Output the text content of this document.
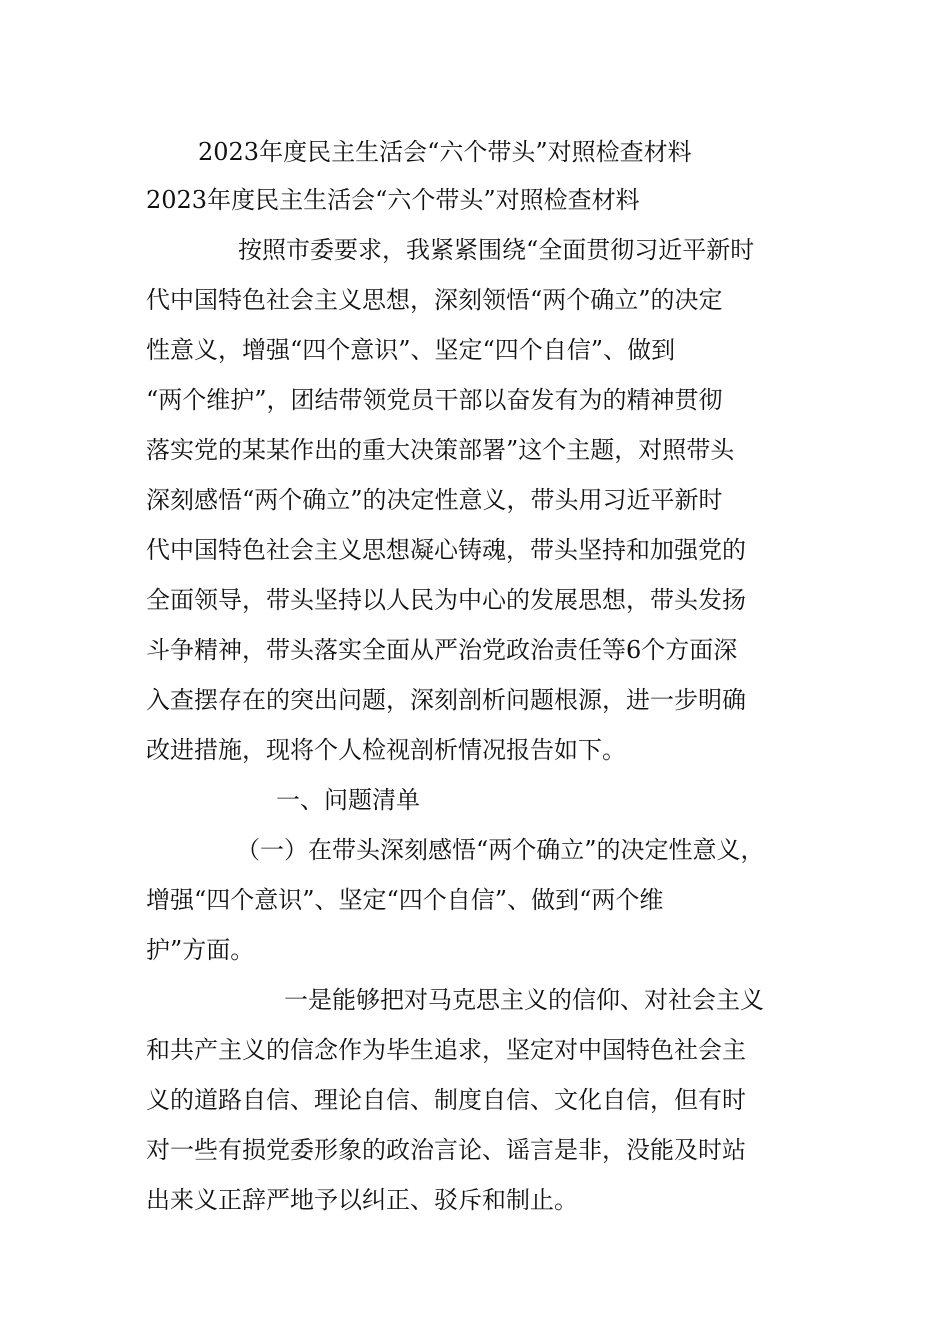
2023年度民主生活会“六个带头”对照检查材料

2023年度民主生活会“六个带头”对照检查材料

按照市委要求，我紧紧围绕“全面贯彻习近平新时

代中国特色社会主义思想，深刻领悟“两个确立”的决定

性意义，增强“四个意识”、坚定“四个自信”、做到

“两个维护”，团结带领党员干部以奋发有为的精神贯彻

落实党的某某作出的重大决策部署”这个主题，对照带头

深刻感悟“两个确立”的决定性意义，带头用习近平新时

代中国特色社会主义思想凝心铸魂，带头坚持和加强党的

全面领导，带头坚持以人民为中心的发展思想，带头发扬

斗争精神，带头落实全面从严治党政治责任等6个方面深

入查摆存在的突出问题，深刻剖析问题根源，进一步明确

改进措施，现将个人检视剖析情况报告如下。

一、问题清单

（一）在带头深刻感悟“两个确立”的决定性意义，

增强“四个意识”、坚定“四个自信”、做到“两个维

护”方面。

一是能够把对马克思主义的信仰、对社会主义

和共产主义的信念作为毕生追求，坚定对中国特色社会主

义的道路自信、理论自信、制度自信、文化自信，但有时

对一些有损党委形象的政治言论、谣言是非，没能及时站

出来义正辞严地予以纠正、驳斥和制止。
